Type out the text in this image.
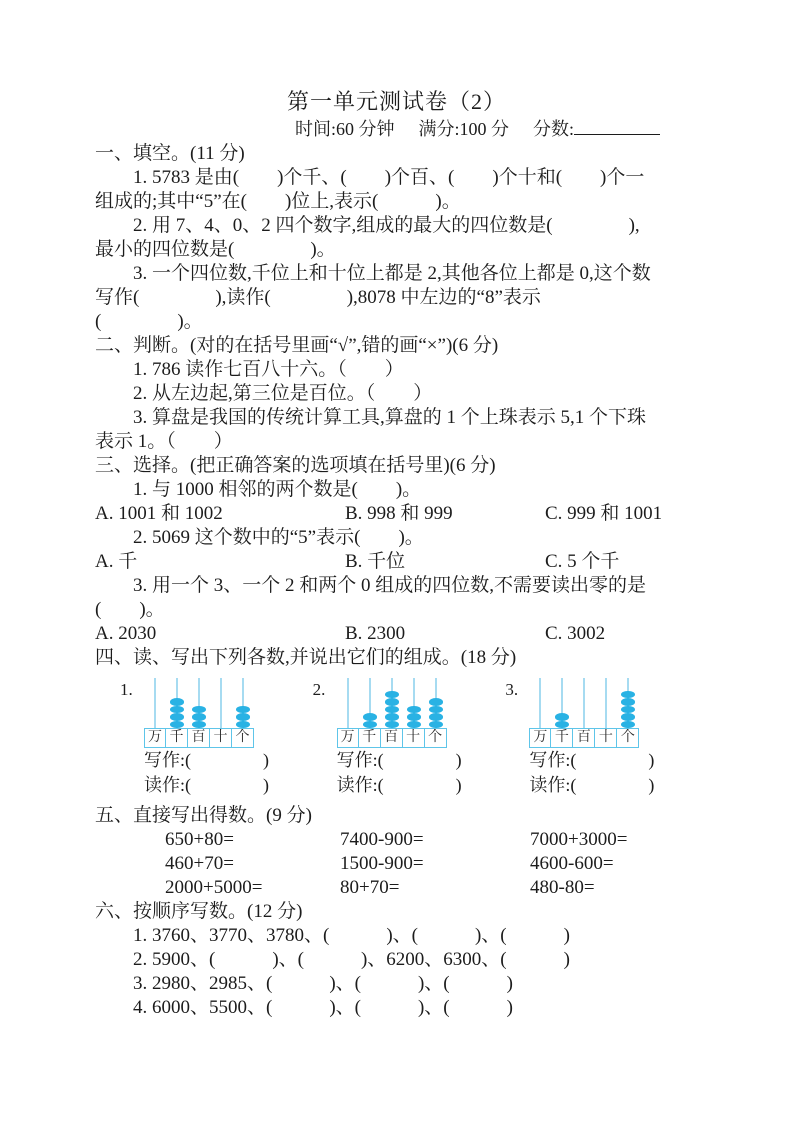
第一单元测试卷（2）
时间:60 分钟 满分:100 分 分数:
一、填空。(11 分)
1. 5783 是由(　　)个千、(　　)个百、(　　)个十和(　　)个一
组成的;其中“5”在(　　)位上,表示(　　　)。
2. 用 7、4、0、2 四个数字,组成的最大的四位数是(　　　　),
最小的四位数是(　　　　)。
3. 一个四位数,千位上和十位上都是 2,其他各位上都是 0,这个数
写作(　　　　),读作(　　　　),8078 中左边的“8”表示
(　　　　)。
二、判断。(对的在括号里画“√”,错的画“×”)(6 分)
1. 786 读作七百八十六。（　　）
2. 从左边起,第三位是百位。（　　）
3. 算盘是我国的传统计算工具,算盘的 1 个上珠表示 5,1 个下珠
表示 1。（　　）
三、选择。(把正确答案的选项填在括号里)(6 分)
1. 与 1000 相邻的两个数是(　　)。
A. 1001 和 1002	B. 998 和 999	C. 999 和 1001
2. 5069 这个数中的“5”表示(　　)。
A. 千	B. 千位	C. 5 个千
3. 用一个 3、一个 2 和两个 0 组成的四位数,不需要读出零的是
(　　)。
A. 2030	B. 2300	C. 3002
四、读、写出下列各数,并说出它们的组成。(18 分)
1.
万 千 百 十 个
写作:(　　　　)
读作:(　　　　)
2.
万 千 百 十 个
写作:(　　　　)
读作:(　　　　)
3.
万 千 百 十 个
写作:(　　　　)
读作:(　　　　)
五、直接写出得数。(9 分)
650+80=	7400-900=	7000+3000=
460+70=	1500-900=	4600-600=
2000+5000=	80+70=	480-80=
六、按顺序写数。(12 分)
1. 3760、3770、3780、(　　　)、(　　　)、(　　　)
2. 5900、(　　　)、(　　　)、6200、6300、(　　　)
3. 2980、2985、(　　　)、(　　　)、(　　　)
4. 6000、5500、(　　　)、(　　　)、(　　　)
